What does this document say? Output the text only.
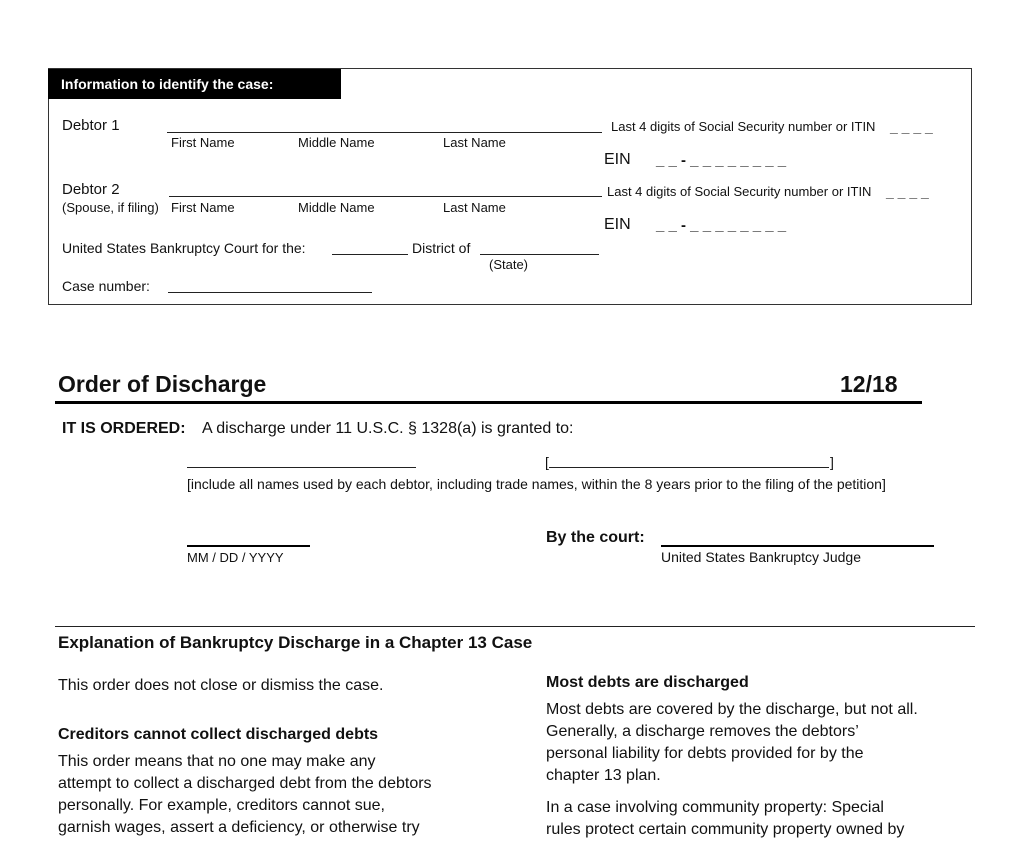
Information to identify the case:
Debtor 1
First Name	Middle Name	Last Name
Last 4 digits of Social Security number or ITIN _ _ _ _
EIN _ _ - _ _ _ _ _ _ _ _
Debtor 2
(Spouse, if filing) First Name	Middle Name	Last Name
Last 4 digits of Social Security number or ITIN _ _ _ _
EIN _ _ - _ _ _ _ _ _ _ _
United States Bankruptcy Court for the:	District of
(State)
Case number:
Order of Discharge	12/18
IT IS ORDERED: A discharge under 11 U.S.C. § 1328(a) is granted to:
[	]
[include all names used by each debtor, including trade names, within the 8 years prior to the filing of the petition]
MM / DD / YYYY
By the court:
United States Bankruptcy Judge
Explanation of Bankruptcy Discharge in a Chapter 13 Case
This order does not close or dismiss the case.
Creditors cannot collect discharged debts
This order means that no one may make any
attempt to collect a discharged debt from the debtors
personally. For example, creditors cannot sue,
garnish wages, assert a deficiency, or otherwise try
Most debts are discharged
Most debts are covered by the discharge, but not all.
Generally, a discharge removes the debtors’
personal liability for debts provided for by the
chapter 13 plan.
In a case involving community property: Special
rules protect certain community property owned by
